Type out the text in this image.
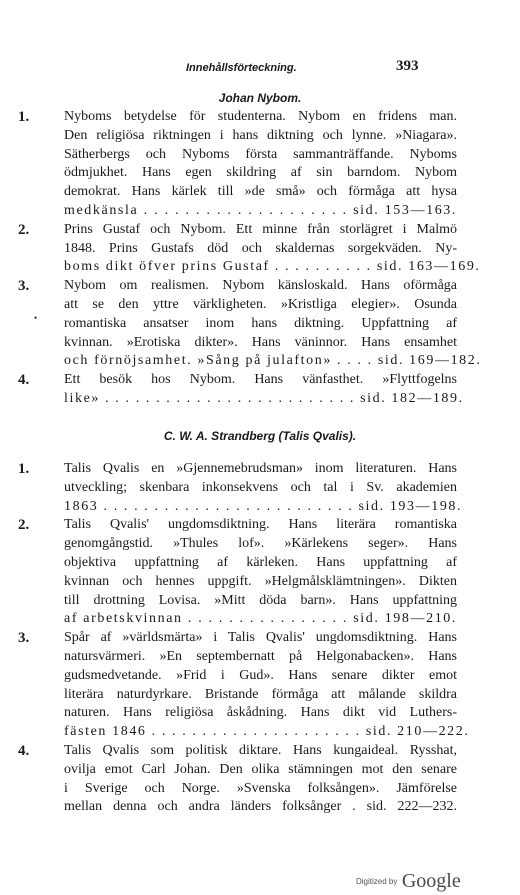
Innehållsförteckning.	393
Johan Nybom.
1. Nyboms betydelse för studenterna. Nybom en fridens man.
Den religiösa riktningen i hans diktning och lynne. »Niagara».
Sätherbergs och Nyboms första sammanträffande. Nyboms
ödmjukhet. Hans egen skildring af sin barndom. Nybom
demokrat. Hans kärlek till »de små» och förmåga att hysa
medkänsla . . . . . . . . . . . . . . . . . . . . sid. 153—163.
2. Prins Gustaf och Nybom. Ett minne från storlägret i Malmö
1848. Prins Gustafs död och skaldernas sorgekväden. Ny-
boms dikt öfver prins Gustaf . . . . . . . . . . sid. 163—169.
3. Nybom om realismen. Nybom känsloskald. Hans oförmåga
att se den yttre värkligheten. »Kristliga elegier». Osunda
romantiska ansatser inom hans diktning. Uppfattning af
kvinnan. »Erotiska dikter». Hans väninnor. Hans ensamhet
och förnöjsamhet. »Sång på julafton» . . . . sid. 169—182.
4. Ett besök hos Nybom. Hans vänfasthet. »Flyttfogelns
like» . . . . . . . . . . . . . . . . . . . . . . . . . sid. 182—189.
C. W. A. Strandberg (Talis Qvalis).
1. Talis Qvalis en »Gjennemebrudsman» inom literaturen. Hans
utveckling; skenbara inkonsekvens och tal i Sv. akademien
1863 . . . . . . . . . . . . . . . . . . . . . . . . . sid. 193—198.
2. Talis Qvalis' ungdomsdiktning. Hans literära romantiska
genomgångstid. »Thules lof». »Kärlekens seger». Hans
objektiva uppfattning af kärleken. Hans uppfattning af
kvinnan och hennes uppgift. »Helgmålsklämtningen». Dikten
till drottning Lovisa. »Mitt döda barn». Hans uppfattning
af arbetskvinnan . . . . . . . . . . . . . . . . sid. 198—210.
3. Spår af »världsmärta» i Talis Qvalis' ungdomsdiktning. Hans
natursvärmeri. »En septembernatt på Helgonabacken». Hans
gudsmedvetande. »Frid i Gud». Hans senare dikter emot
literära naturdyrkare. Bristande förmåga att målande skildra
naturen. Hans religiösa åskådning. Hans dikt vid Luthers-
fästen 1846 . . . . . . . . . . . . . . . . . . . . . sid. 210—222.
4. Talis Qvalis som politisk diktare. Hans kungaideal. Rysshat,
ovilja emot Carl Johan. Den olika stämningen mot den senare
i Sverige och Norge. »Svenska folksången». Jämförelse
mellan denna och andra länders folksånger . sid. 222—232.
•
Digitized by Google
